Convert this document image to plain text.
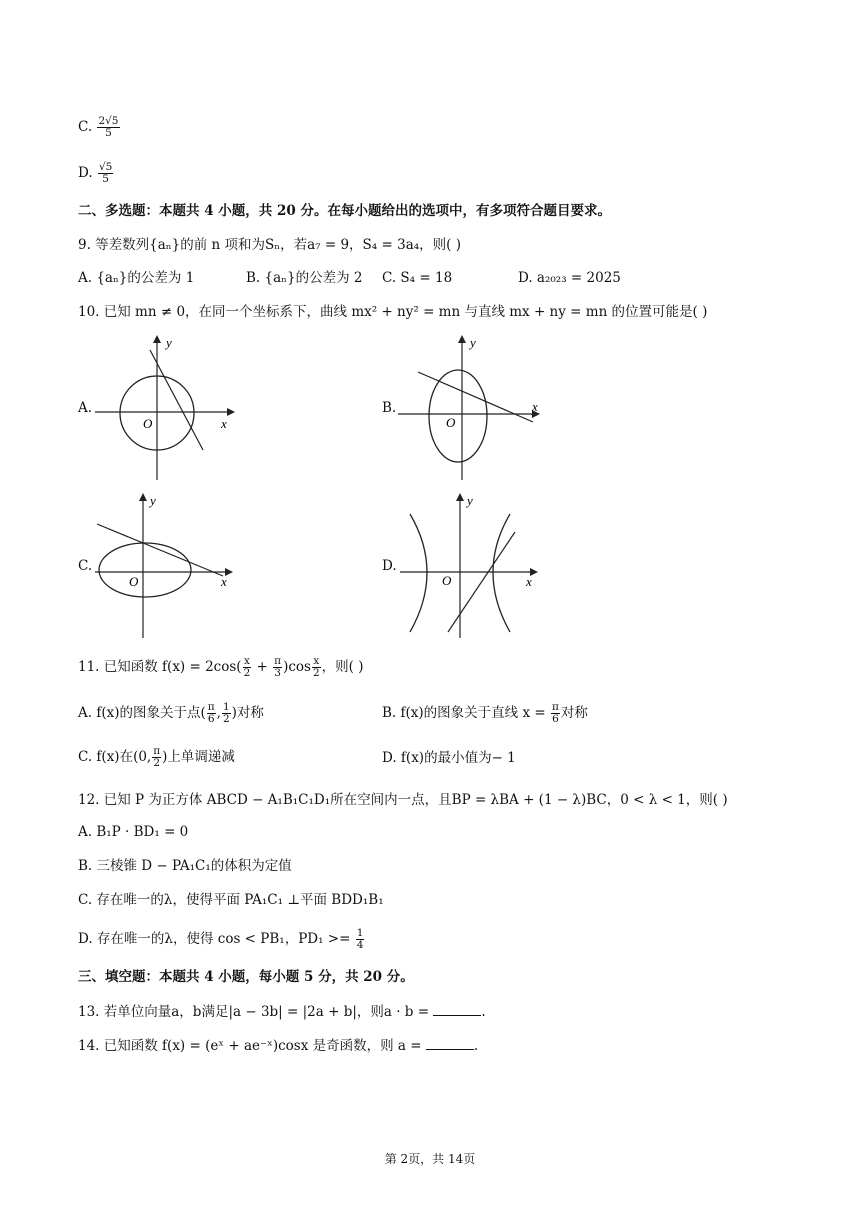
C. $\frac{2√5}{5}$
D. $\frac{√5}{5}$
二、多选题：本题共 4 小题，共 20 分。在每小题给出的选项中，有多项符合题目要求。
9. 等差数列{aₙ}的前 n 项和为Sₙ，若a₇ = 9，S₄ = 3a₄，则( )
A. {aₙ}的公差为 1	B. {aₙ}的公差为 2 C. S₄ = 18	D. a₂₀₂₃ = 2025
10. 已知 mn ≠ 0，在同一个坐标系下，曲线 mx² + ny² = mn 与直线 mx + ny = mn 的位置可能是( )
A.
y
x
O
B.
y
x
O
C.
y
x
O
D.
y
x
O
11. 已知函数 $f(x) = 2\cos( \frac{x}{2} + \frac{\pi}{3} )\cos \frac{x}{2}$ ，则( )
A. f(x)的图象关于点( $\frac{\pi}{6}$ , $\frac{1}{2}$ )对称	B. f(x)的图象关于直线 $x = \frac{\pi}{6}$ 对称
C. f(x)在(0, $\frac{\pi}{2}$ )上单调递减	D. f(x)的最小值为− 1
12. 已知 P 为正方体 ABCD − A₁B₁C₁D₁所在空间内一点，且BP = λBA + (1 − λ)BC，0 < λ < 1，则( )
A. B₁P · BD₁ = 0
B. 三棱锥 D − PA₁C₁的体积为定值
C. 存在唯一的λ，使得平面 PA₁C₁ ⊥平面 BDD₁B₁
D. 存在唯一的λ，使得 cos < PB₁，$PD_1 >= \frac{1}{4}$
三、填空题：本题共 4 小题，每小题 5 分，共 20 分。
13. 若单位向量a，b满足|a − 3b| = |2a + b|，则a · b =	.
14. 已知函数 f(x) = (eˣ + ae⁻ˣ)cosx 是奇函数，则 a =	.
第 2页，共 14页
